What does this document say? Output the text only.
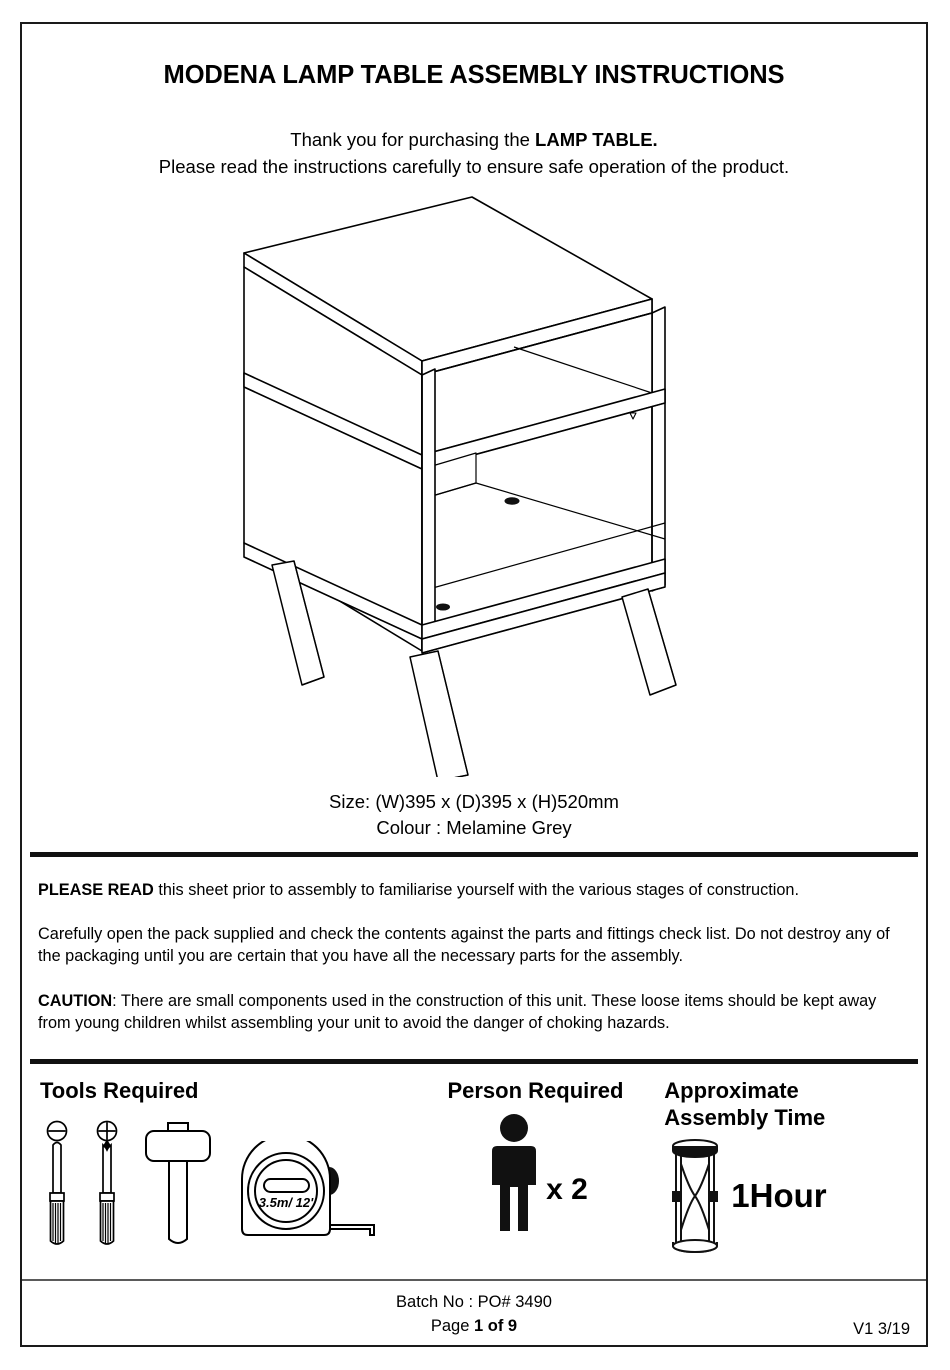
MODENA LAMP TABLE ASSEMBLY INSTRUCTIONS
Thank you for purchasing the LAMP TABLE.
Please read the instructions carefully to ensure safe operation of the product.
Size: (W)395 x (D)395 x (H)520mm
Colour : Melamine Grey
PLEASE READ this sheet prior to assembly to familiarise yourself with the various stages of construction.
Carefully open the pack supplied and check the contents against the parts and fittings check list. Do not destroy any of the packaging until you are certain that you have all the necessary parts for the assembly.
CAUTION: There are small components used in the construction of this unit. These loose items should be kept away from young children whilst assembling your unit to avoid the danger of choking hazards.
Tools Required
3.5m/ 12'
Person Required
x 2
Approximate
Assembly Time
1Hour
Batch No : PO# 3490
Page 1 of 9	V1 3/19
